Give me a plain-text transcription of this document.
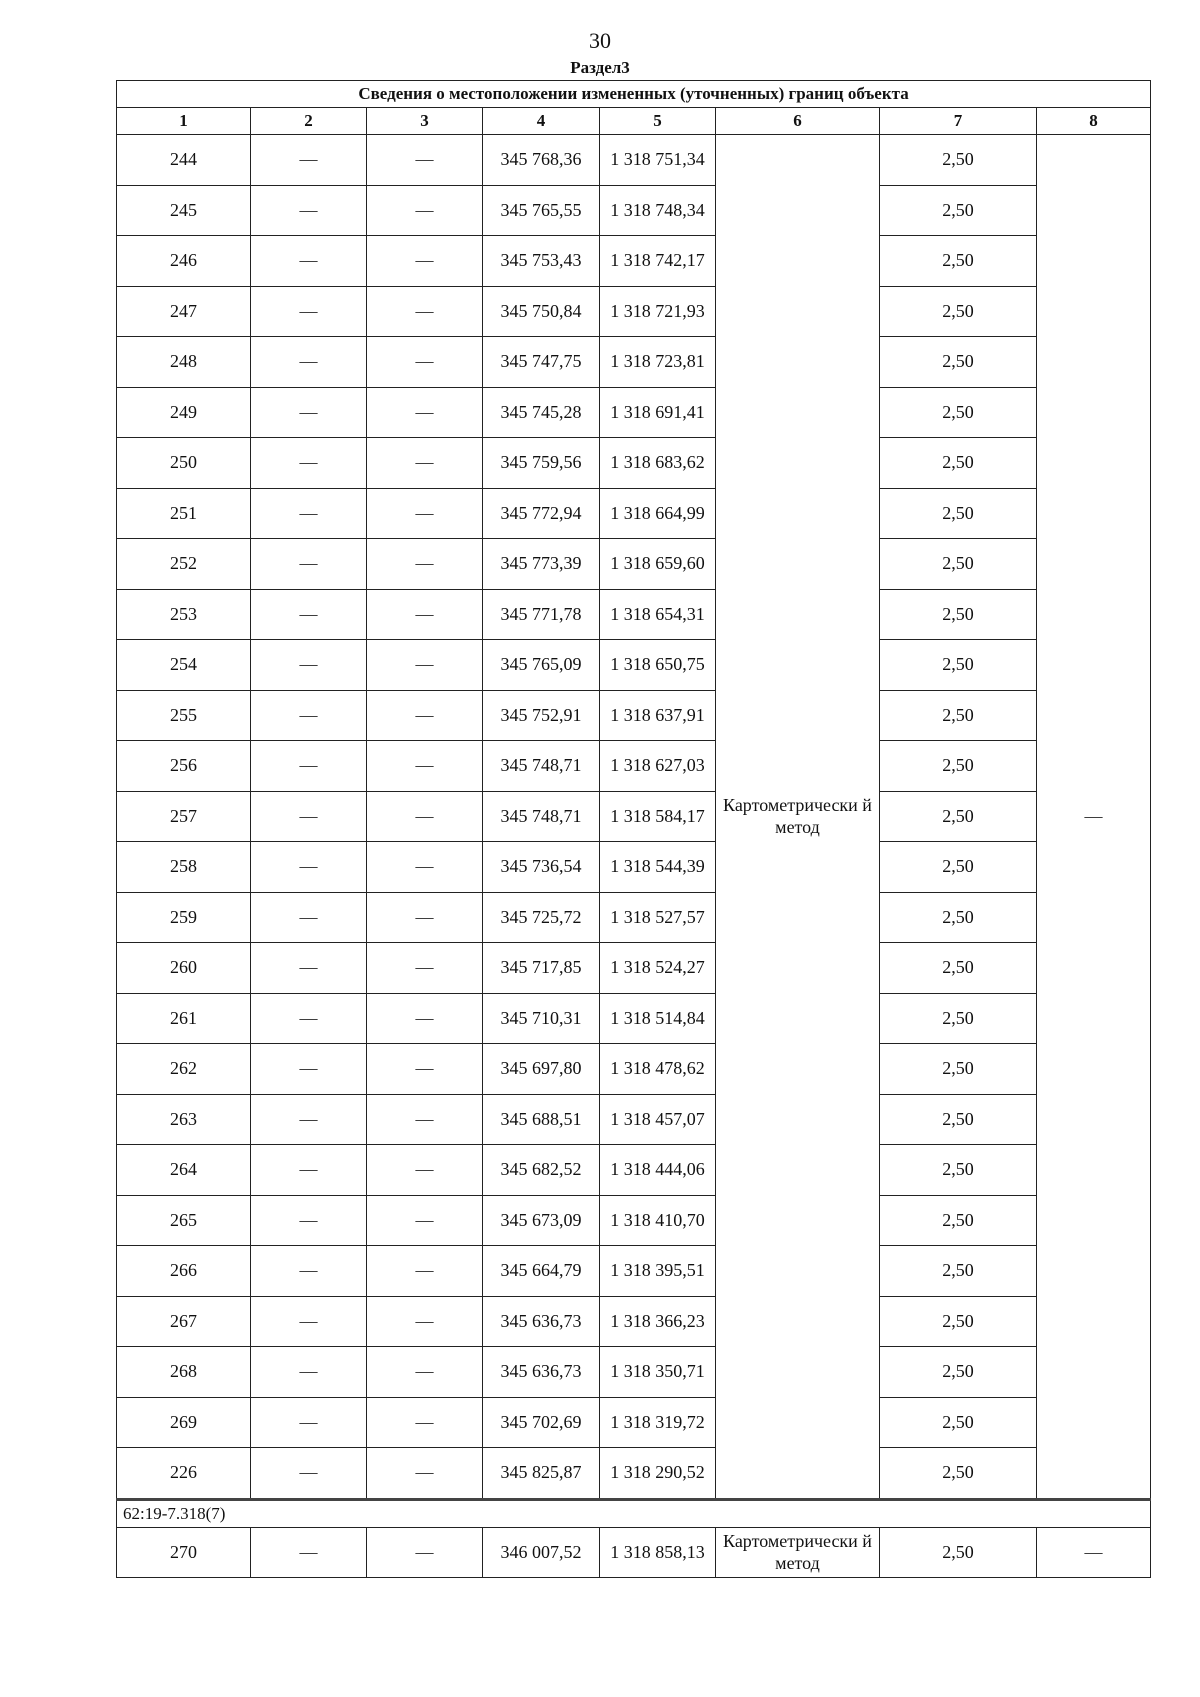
30
Раздел3
Сведения о местоположении измененных (уточненных) границ объекта							
1	2	3	4	5	6	7	8
244	—	—	345 768,36	1 318 751,34	Картометрически й метод	2,50	—
245	—	—	345 765,55	1 318 748,34		2,50	
246	—	—	345 753,43	1 318 742,17		2,50	
247	—	—	345 750,84	1 318 721,93		2,50	
248	—	—	345 747,75	1 318 723,81		2,50	
249	—	—	345 745,28	1 318 691,41		2,50	
250	—	—	345 759,56	1 318 683,62		2,50	
251	—	—	345 772,94	1 318 664,99		2,50	
252	—	—	345 773,39	1 318 659,60		2,50	
253	—	—	345 771,78	1 318 654,31		2,50	
254	—	—	345 765,09	1 318 650,75		2,50	
255	—	—	345 752,91	1 318 637,91		2,50	
256	—	—	345 748,71	1 318 627,03		2,50	
257	—	—	345 748,71	1 318 584,17		2,50	
258	—	—	345 736,54	1 318 544,39		2,50	
259	—	—	345 725,72	1 318 527,57		2,50	
260	—	—	345 717,85	1 318 524,27		2,50	
261	—	—	345 710,31	1 318 514,84		2,50	
262	—	—	345 697,80	1 318 478,62		2,50	
263	—	—	345 688,51	1 318 457,07		2,50	
264	—	—	345 682,52	1 318 444,06		2,50	
265	—	—	345 673,09	1 318 410,70		2,50	
266	—	—	345 664,79	1 318 395,51		2,50	
267	—	—	345 636,73	1 318 366,23		2,50	
268	—	—	345 636,73	1 318 350,71		2,50	
269	—	—	345 702,69	1 318 319,72		2,50	
226	—	—	345 825,87	1 318 290,52		2,50	
62:19-7.318(7)							
270	—	—	346 007,52	1 318 858,13	Картометрически й метод	2,50	—
